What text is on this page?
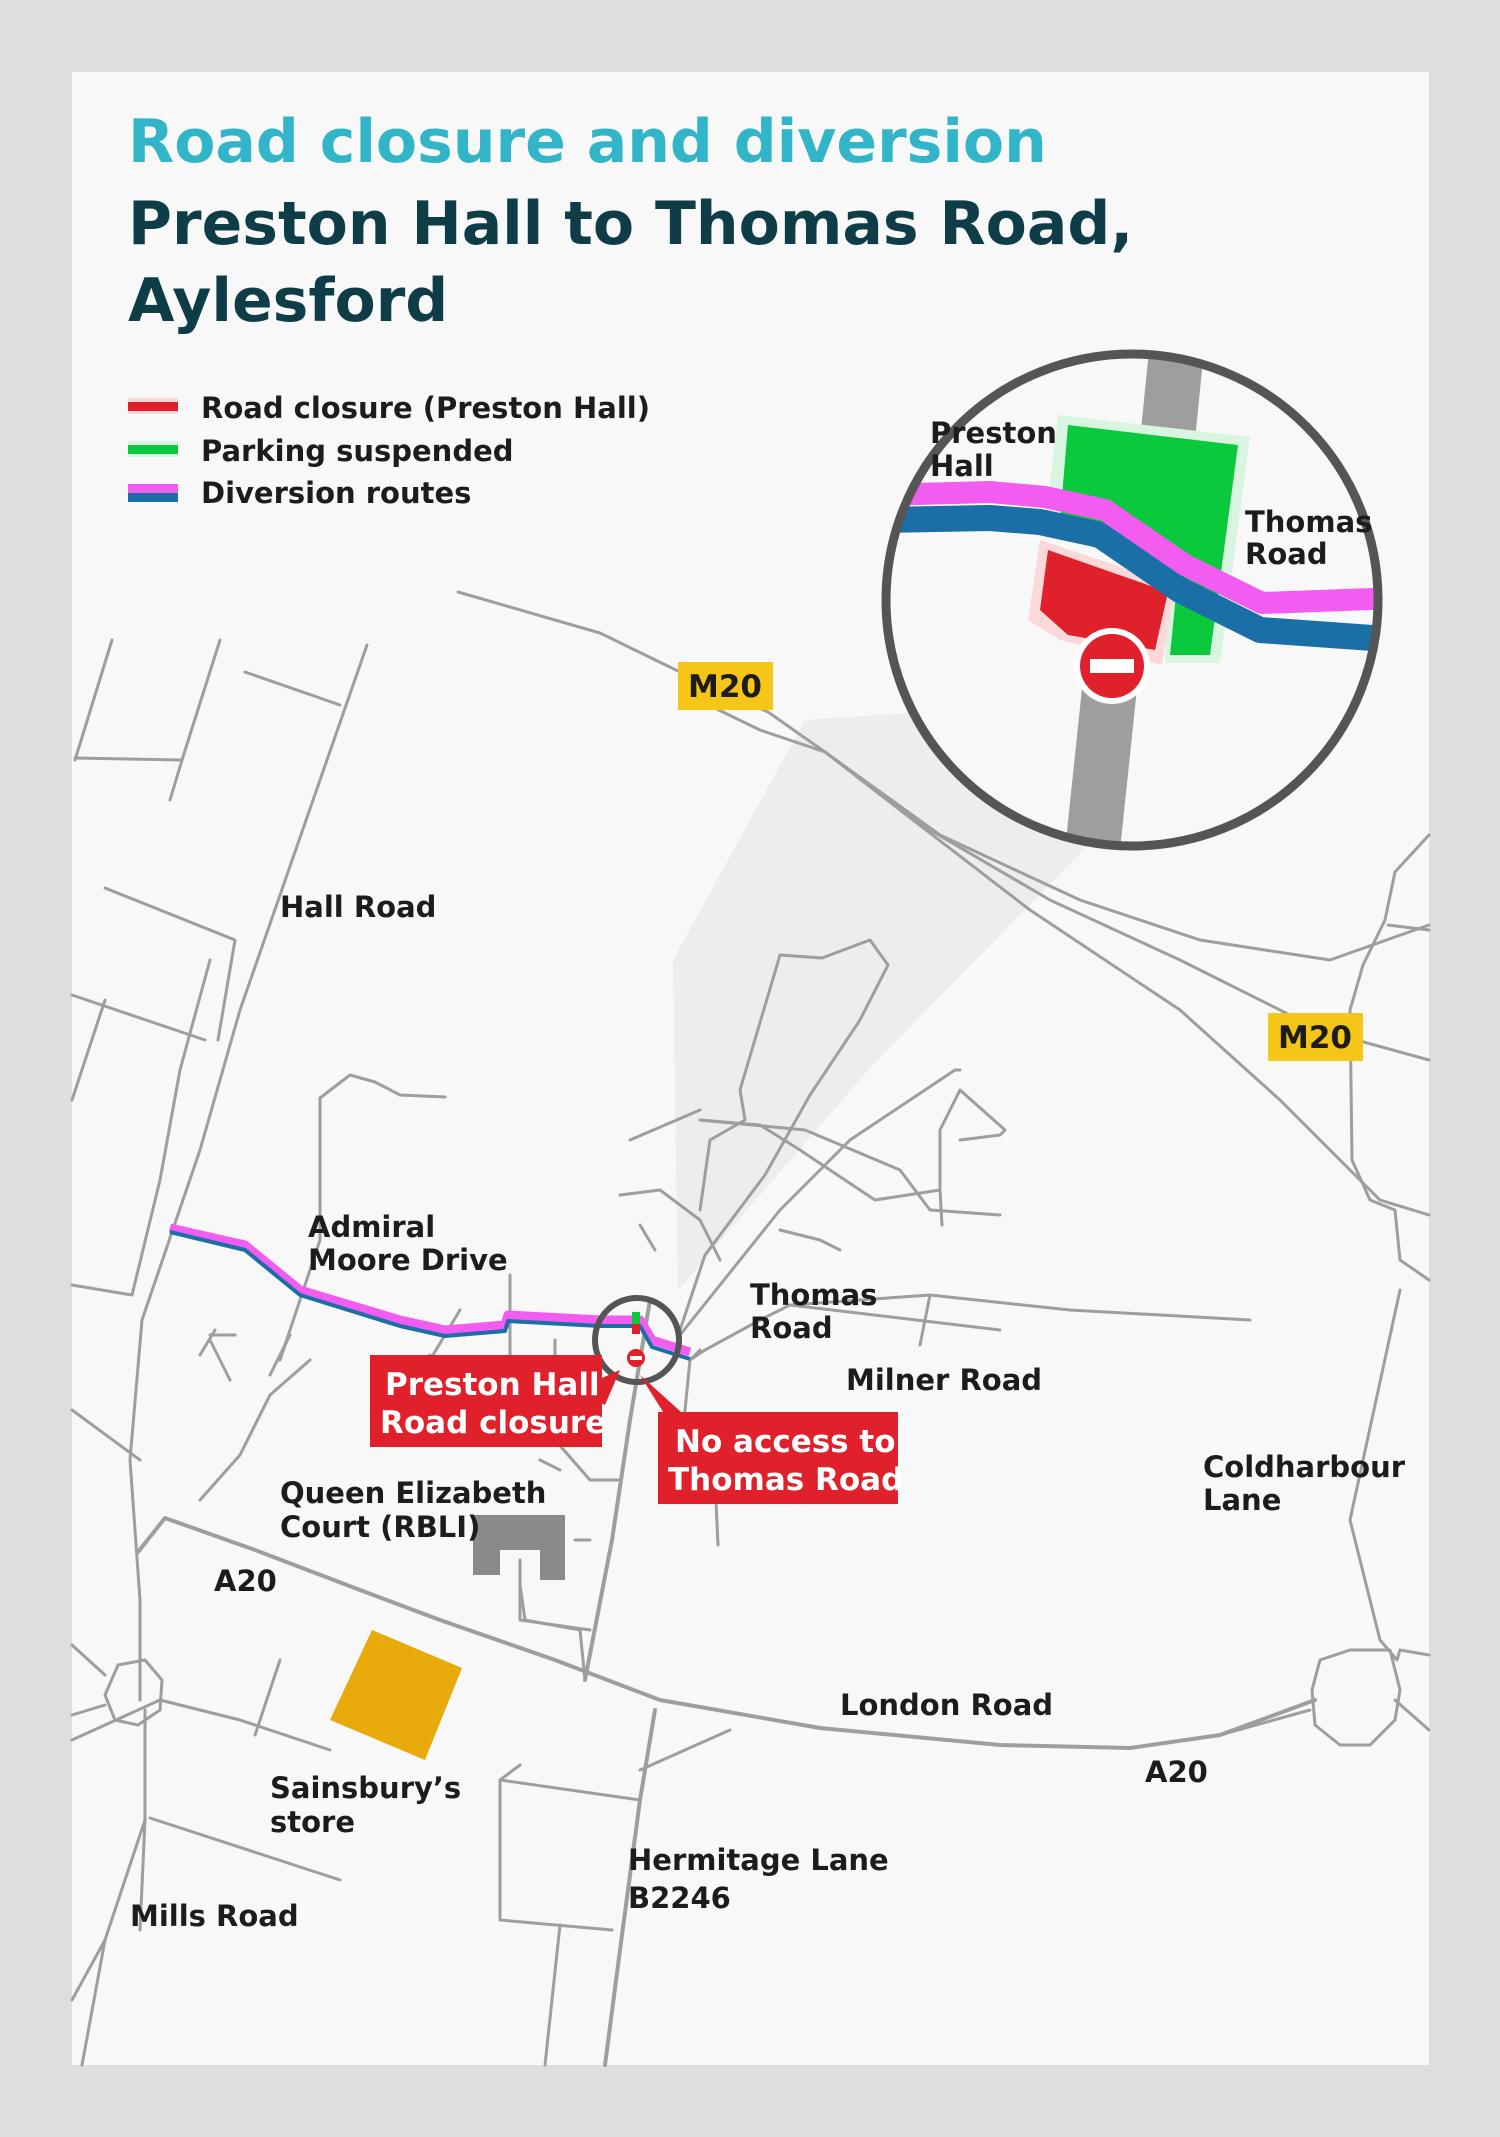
Preston Hall
Road closure
No access to
Thomas Road
M20
M20
Preston
Hall
Thomas
Road
Road closure and diversion
Preston Hall to Thomas Road,
Aylesford
Road closure (Preston Hall)
Parking suspended
Diversion routes
Hall Road
Admiral
Moore Drive
Thomas
Road
Milner Road
Queen Elizabeth
Court (RBLI)
A20
Coldharbour
Lane
London Road
A20
Sainsbury’s
store
Hermitage Lane
B2246
Mills Road
